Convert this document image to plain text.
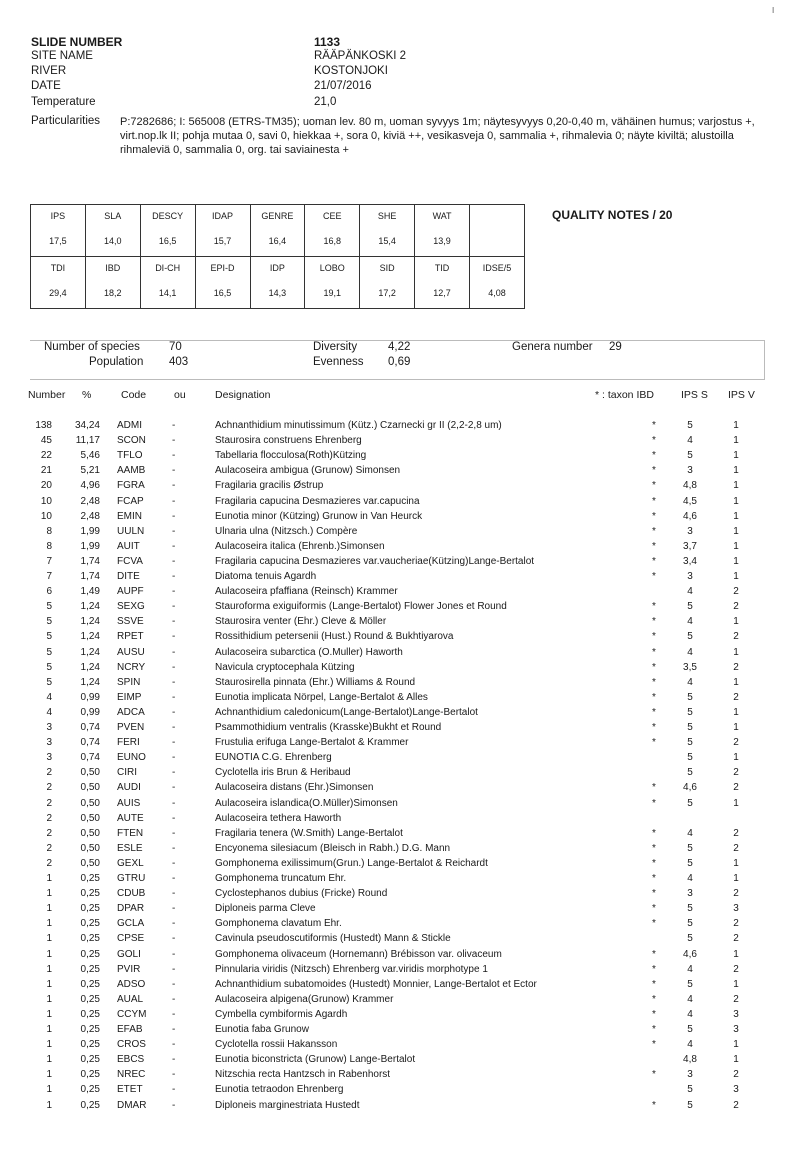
I
SLIDE NUMBER	1133
SITE NAME	RÄÄPÄNKOSKI 2
RIVER	KOSTONJOKI
DATE	21/07/2016
Temperature	21,0
Particularities P:7282686; I: 565008 (ETRS-TM35); uoman lev. 80 m, uoman syvyys 1m; näytesyvyys 0,20-0,40 m, vähäinen humus; varjostus +, virt.nop.lk II; pohja mutaa 0, savi 0, hiekkaa +, sora 0, kiviä ++, vesikasveja 0, sammalia +, rihmalevia 0; näyte kiviltä; alustoilla rihmaleviä 0, sammalia 0, org. tai saviainesta +
IPS	SLA	DESCY	IDAP	GENRE	CEE	SHE	WAT	
17,5	14,0	16,5	15,7	16,4	16,8	15,4	13,9	
TDI	IBD	DI-CH	EPI-D	IDP	LOBO	SID	TID	IDSE/5
29,4	18,2	14,1	16,5	14,3	19,1	17,2	12,7	4,08
QUALITY NOTES / 20
Number of species	70
Population 403
Diversity	4,22
Evenness 0,69
Genera number 29
Number %	Code	ou	Designation	* : taxon IBD	IPS S IPS V
138	34,24 ADMI	-	Achnanthidium minutissimum (Kütz.) Czarnecki gr II (2,2-2,8 um)	*	5	1
45	11,17 SCON	-	Staurosira construens Ehrenberg	*	4	1
22	5,46 TFLO	-	Tabellaria flocculosa(Roth)Kützing	*	5	1
21	5,21 AAMB	-	Aulacoseira ambigua (Grunow) Simonsen	*	3	1
20	4,96 FGRA	-	Fragilaria gracilis Østrup	*	4,8	1
10	2,48 FCAP	-	Fragilaria capucina Desmazieres var.capucina	*	4,5	1
10	2,48 EMIN	-	Eunotia minor (Kützing) Grunow in Van Heurck	*	4,6	1
8	1,99 UULN	-	Ulnaria ulna (Nitzsch.) Compère	*	3	1
8	1,99 AUIT	-	Aulacoseira italica (Ehrenb.)Simonsen	*	3,7	1
7	1,74 FCVA	-	Fragilaria capucina Desmazieres var.vaucheriae(Kützing)Lange-Bertalot	*	3,4	1
7	1,74 DITE	-	Diatoma tenuis Agardh	*	3	1
6	1,49 AUPF	-	Aulacoseira pfaffiana (Reinsch) Krammer	4	2
5	1,24 SEXG	-	Stauroforma exiguiformis (Lange-Bertalot) Flower Jones et Round	*	5	2
5	1,24 SSVE	-	Staurosira venter (Ehr.) Cleve & Möller	*	4	1
5	1,24 RPET	-	Rossithidium petersenii (Hust.) Round & Bukhtiyarova	*	5	2
5	1,24 AUSU	-	Aulacoseira subarctica (O.Muller) Haworth	*	4	1
5	1,24 NCRY	-	Navicula cryptocephala Kützing	*	3,5	2
5	1,24 SPIN	-	Staurosirella pinnata (Ehr.) Williams & Round	*	4	1
4	0,99 EIMP	-	Eunotia implicata Nörpel, Lange-Bertalot & Alles	*	5	2
4	0,99 ADCA	-	Achnanthidium caledonicum(Lange-Bertalot)Lange-Bertalot	*	5	1
3	0,74 PVEN	-	Psammothidium ventralis (Krasske)Bukht et Round	*	5	1
3	0,74 FERI	-	Frustulia erifuga Lange-Bertalot & Krammer	*	5	2
3	0,74 EUNO	-	EUNOTIA C.G. Ehrenberg	5	1
2	0,50 CIRI	-	Cyclotella iris Brun & Heribaud	5	2
2	0,50 AUDI	-	Aulacoseira distans (Ehr.)Simonsen	*	4,6	2
2	0,50 AUIS	-	Aulacoseira islandica(O.Müller)Simonsen	*	5	1
2	0,50 AUTE	-	Aulacoseira tethera Haworth
2	0,50 FTEN	-	Fragilaria tenera (W.Smith) Lange-Bertalot	*	4	2
2	0,50 ESLE	-	Encyonema silesiacum (Bleisch in Rabh.) D.G. Mann	*	5	2
2	0,50 GEXL	-	Gomphonema exilissimum(Grun.) Lange-Bertalot & Reichardt	*	5	1
1	0,25 GTRU	-	Gomphonema truncatum Ehr.	*	4	1
1	0,25 CDUB	-	Cyclostephanos dubius (Fricke) Round	*	3	2
1	0,25 DPAR	-	Diploneis parma Cleve	*	5	3
1	0,25 GCLA	-	Gomphonema clavatum Ehr.	*	5	2
1	0,25 CPSE	-	Cavinula pseudoscutiformis (Hustedt) Mann & Stickle	5	2
1	0,25 GOLI	-	Gomphonema olivaceum (Hornemann) Brébisson var. olivaceum	*	4,6	1
1	0,25 PVIR	-	Pinnularia viridis (Nitzsch) Ehrenberg var.viridis morphotype 1	*	4	2
1	0,25 ADSO	-	Achnanthidium subatomoides (Hustedt) Monnier, Lange-Bertalot et Ector	*	5	1
1	0,25 AUAL	-	Aulacoseira alpigena(Grunow) Krammer	*	4	2
1	0,25 CCYM	-	Cymbella cymbiformis Agardh	*	4	3
1	0,25 EFAB	-	Eunotia faba Grunow	*	5	3
1	0,25 CROS	-	Cyclotella rossii Hakansson	*	4	1
1	0,25 EBCS	-	Eunotia biconstricta (Grunow) Lange-Bertalot	4,8	1
1	0,25 NREC	-	Nitzschia recta Hantzsch in Rabenhorst	*	3	2
1	0,25 ETET	-	Eunotia tetraodon Ehrenberg	5	3
1	0,25 DMAR	-	Diploneis marginestriata Hustedt	*	5	2
